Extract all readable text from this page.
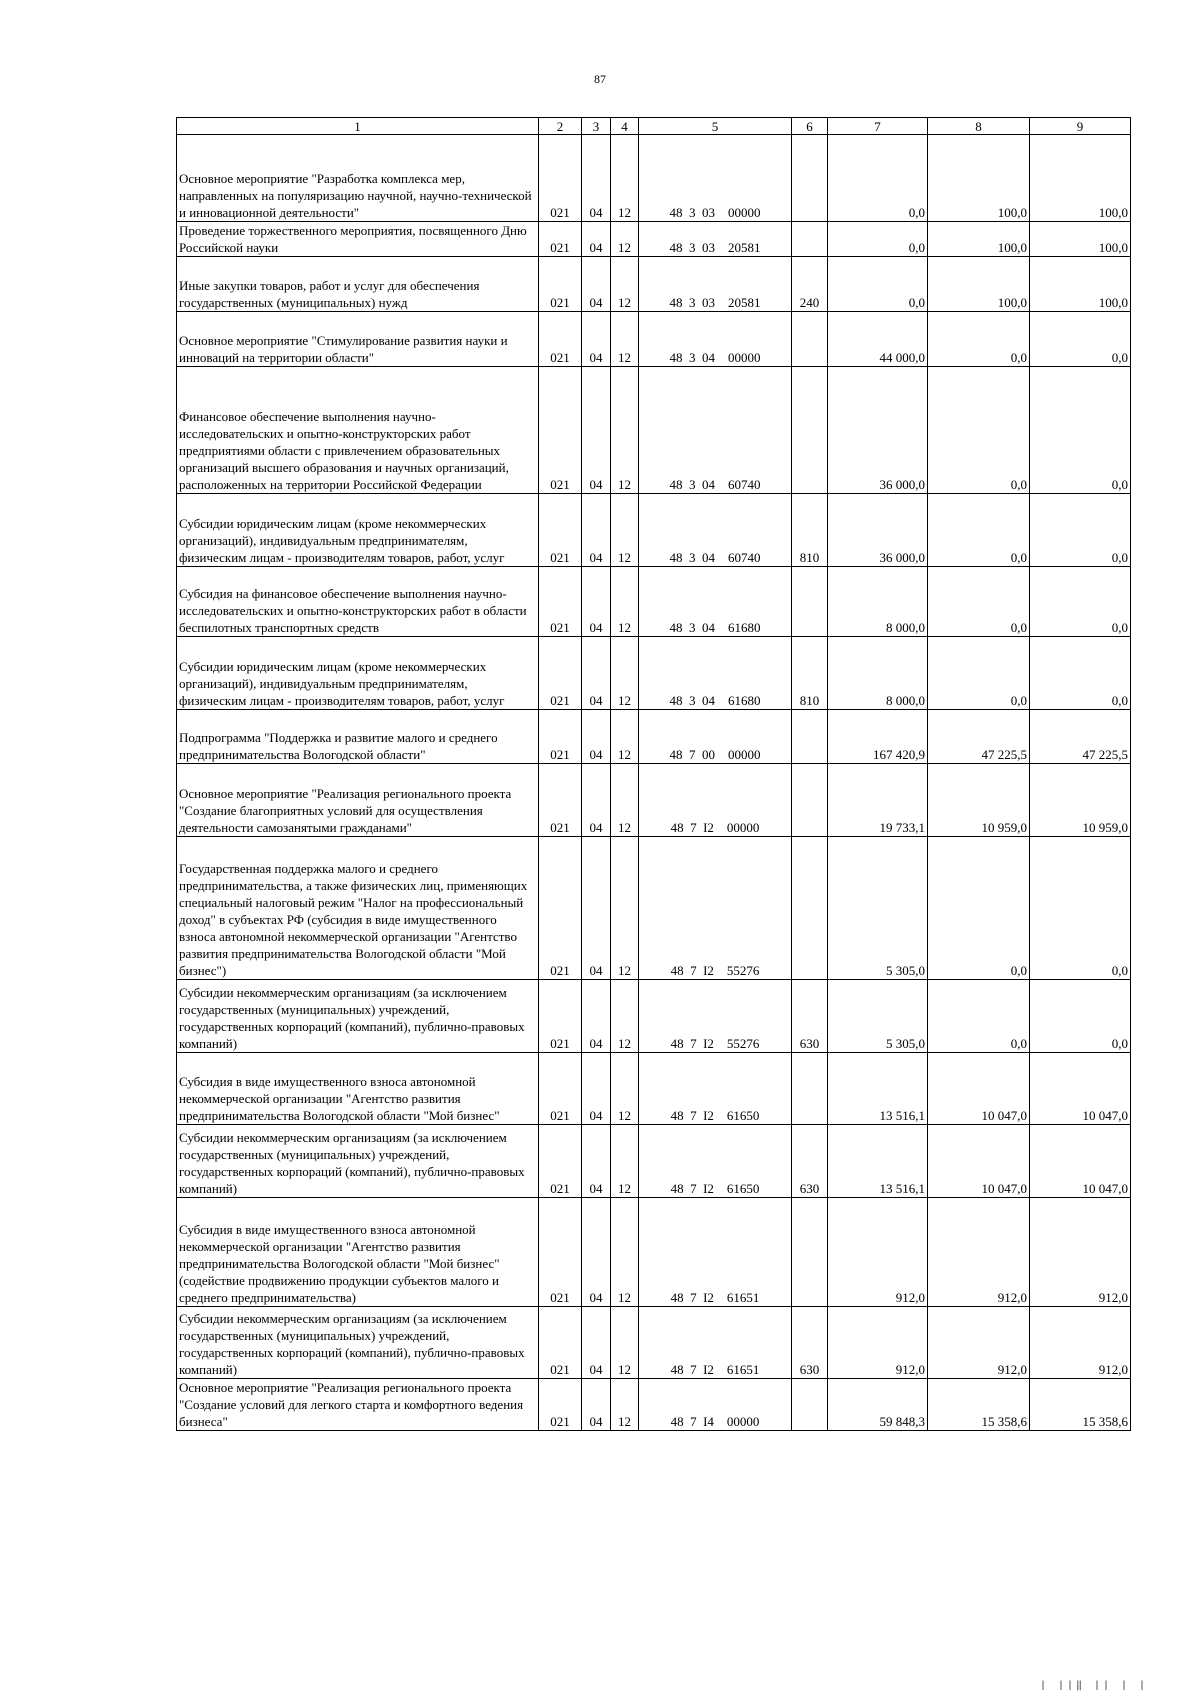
87
1	2	3	4	5	6	7	8	9
Основное мероприятие "Разработка комплекса мер, направленных на популяризацию научной, научно-технической и инновационной деятельности"	021	04	12	48  3  03    00000		0,0	100,0	100,0
Проведение торжественного мероприятия, посвященного Дню Российской науки	021	04	12	48  3  03    20581		0,0	100,0	100,0
Иные закупки товаров, работ и услуг для обеспечения государственных (муниципальных) нужд	021	04	12	48  3  03    20581	240	0,0	100,0	100,0
Основное мероприятие "Стимулирование развития науки и инноваций на территории области"	021	04	12	48  3  04    00000		44 000,0	0,0	0,0
Финансовое обеспечение выполнения научно-исследовательских и опытно-конструкторских работ предприятиями области с привлечением образовательных организаций высшего образования и научных организаций, расположенных на территории Российской Федерации	021	04	12	48  3  04    60740		36 000,0	0,0	0,0
Субсидии юридическим лицам (кроме некоммерческих организаций), индивидуальным предпринимателям, физическим лицам - производителям товаров, работ, услуг	021	04	12	48  3  04    60740	810	36 000,0	0,0	0,0
Субсидия на финансовое обеспечение выполнения научно- исследовательских и опытно-конструкторских работ в области беспилотных транспортных средств	021	04	12	48  3  04    61680		8 000,0	0,0	0,0
Субсидии юридическим лицам (кроме некоммерческих организаций), индивидуальным предпринимателям, физическим лицам - производителям товаров, работ, услуг	021	04	12	48  3  04    61680	810	8 000,0	0,0	0,0
Подпрограмма "Поддержка и развитие малого и среднего предпринимательства Вологодской области"	021	04	12	48  7  00    00000		167 420,9	47 225,5	47 225,5
Основное мероприятие "Реализация регионального проекта "Создание благоприятных условий для осуществления деятельности самозанятыми гражданами"	021	04	12	48  7  I2    00000		19 733,1	10 959,0	10 959,0
Государственная поддержка малого и среднего предпринимательства, а также физических лиц, применяющих специальный налоговый режим "Налог на профессиональный доход" в субъектах РФ (субсидия в виде имущественного взноса автономной некоммерческой организации "Агентство развития предпринимательства Вологодской области "Мой бизнес")	021	04	12	48  7  I2    55276		5 305,0	0,0	0,0
Субсидии некоммерческим организациям (за исключением государственных (муниципальных) учреждений, государственных корпораций (компаний), публично-правовых компаний)	021	04	12	48  7  I2    55276	630	5 305,0	0,0	0,0
Субсидия в виде имущественного взноса автономной некоммерческой организации "Агентство развития предпринимательства Вологодской области "Мой бизнес"	021	04	12	48  7  I2    61650		13 516,1	10 047,0	10 047,0
Субсидии некоммерческим организациям (за исключением государственных (муниципальных) учреждений, государственных корпораций (компаний), публично-правовых компаний)	021	04	12	48  7  I2    61650	630	13 516,1	10 047,0	10 047,0
Субсидия в виде имущественного взноса автономной некоммерческой организации "Агентство развития предпринимательства Вологодской области "Мой бизнес" (содействие продвижению продукции субъектов малого и среднего предпринимательства)	021	04	12	48  7  I2    61651		912,0	912,0	912,0
Субсидии некоммерческим организациям (за исключением государственных (муниципальных) учреждений, государственных корпораций (компаний), публично-правовых компаний)	021	04	12	48  7  I2    61651	630	912,0	912,0	912,0
Основное мероприятие "Реализация регионального проекта "Создание условий для легкого старта и комфортного ведения бизнеса"	021	04	12	48  7  I4    00000		59 848,3	15 358,6	15 358,6
| ||‖ || | |
